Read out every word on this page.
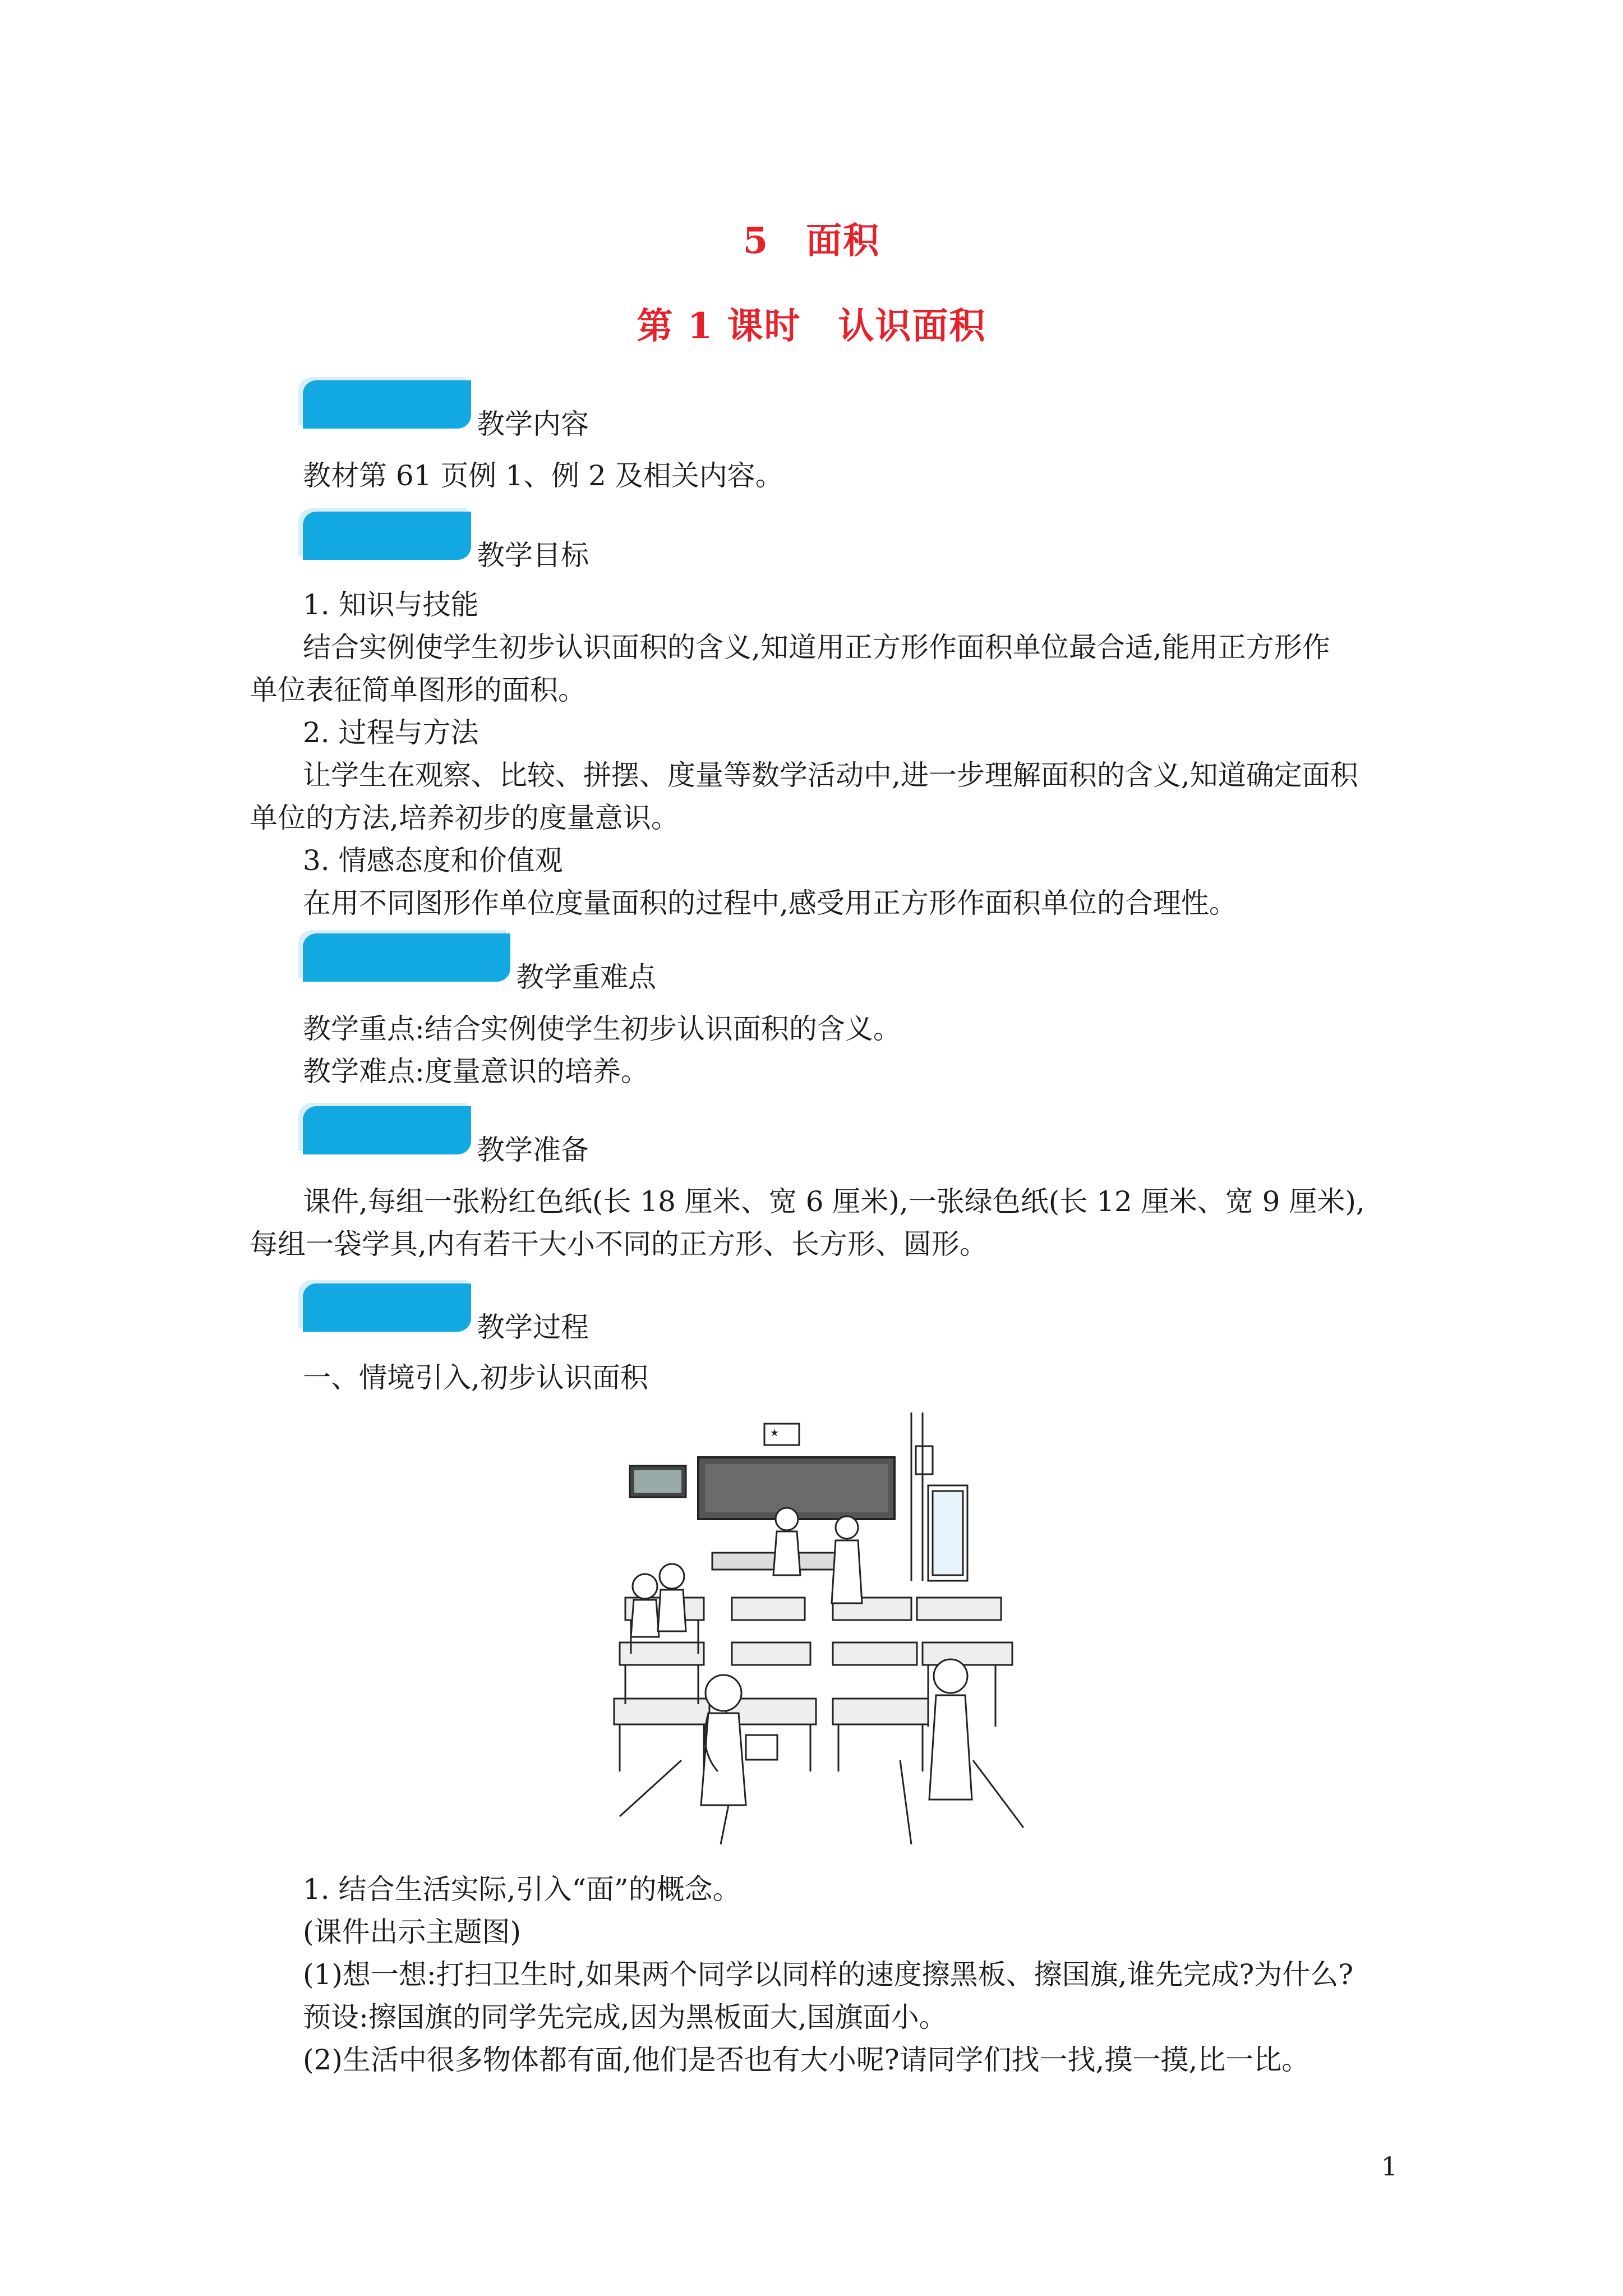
5　面积
第 1 课时　认识面积
教学内容
教材第 61 页例 1、例 2 及相关内容。
教学目标
1. 知识与技能
结合实例使学生初步认识面积的含义,知道用正方形作面积单位最合适,能用正方形作
单位表征简单图形的面积。
2. 过程与方法
让学生在观察、比较、拼摆、度量等数学活动中,进一步理解面积的含义,知道确定面积
单位的方法,培养初步的度量意识。
3. 情感态度和价值观
在用不同图形作单位度量面积的过程中,感受用正方形作面积单位的合理性。
教学重难点
教学重点:结合实例使学生初步认识面积的含义。
教学难点:度量意识的培养。
教学准备
课件,每组一张粉红色纸(长 18 厘米、宽 6 厘米),一张绿色纸(长 12 厘米、宽 9 厘米),
每组一袋学具,内有若干大小不同的正方形、长方形、圆形。
教学过程
一、情境引入,初步认识面积
★
1. 结合生活实际,引入“面”的概念。
(课件出示主题图)
(1)想一想:打扫卫生时,如果两个同学以同样的速度擦黑板、擦国旗,谁先完成?为什么?
预设:擦国旗的同学先完成,因为黑板面大,国旗面小。
(2)生活中很多物体都有面,他们是否也有大小呢?请同学们找一找,摸一摸,比一比。
1
